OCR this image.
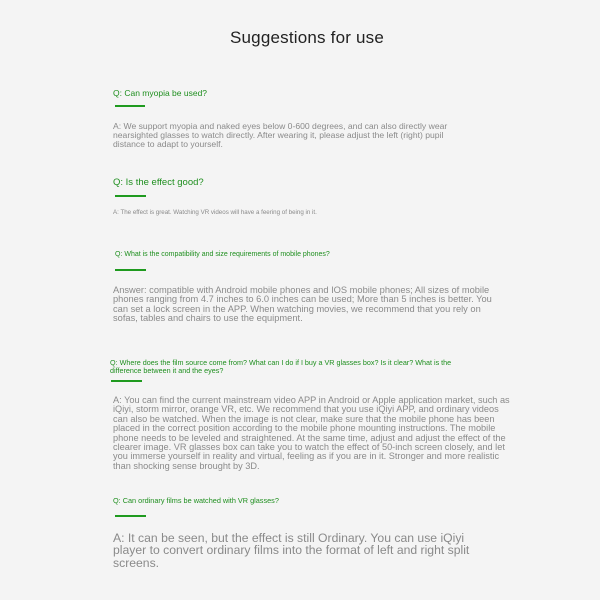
Suggestions for use
Q: Can myopia be used?
A: We support myopia and naked eyes below 0-600 degrees, and can also directly wear nearsighted glasses to watch directly. After wearing it, please adjust the left (right) pupil distance to adapt to yourself.
Q: Is the effect good?
A: The effect is great. Watching VR videos will have a feering of being in it.
Q: What is the compatibility and size requirements of mobile phones?
Answer: compatible with Android mobile phones and IOS mobile phones; All sizes of mobile phones ranging from 4.7 inches to 6.0 inches can be used; More than 5 inches is better. You can set a lock screen in the APP. When watching movies, we recommend that you rely on sofas, tables and chairs to use the equipment.
Q: Where does the film source come from? What can I do if I buy a VR glasses box? Is it clear? What is the difference between it and the eyes?
A: You can find the current mainstream video APP in Android or Apple application market, such as iQiyi, storm mirror, orange VR, etc. We recommend that you use iQiyi APP, and ordinary videos can also be watched. When the image is not clear, make sure that the mobile phone has been placed in the correct position according to the mobile phone mounting instructions. The mobile phone needs to be leveled and straightened. At the same time, adjust and adjust the effect of the clearer image. VR glasses box can take you to watch the effect of 50-inch screen closely, and let you immerse yourself in reality and virtual, feeling as if you are in it. Stronger and more realistic than shocking sense brought by 3D.
Q: Can ordinary films be watched with VR glasses?
A: It can be seen, but the effect is still Ordinary. You can use iQiyi player to convert ordinary films into the format of left and right split screens.
